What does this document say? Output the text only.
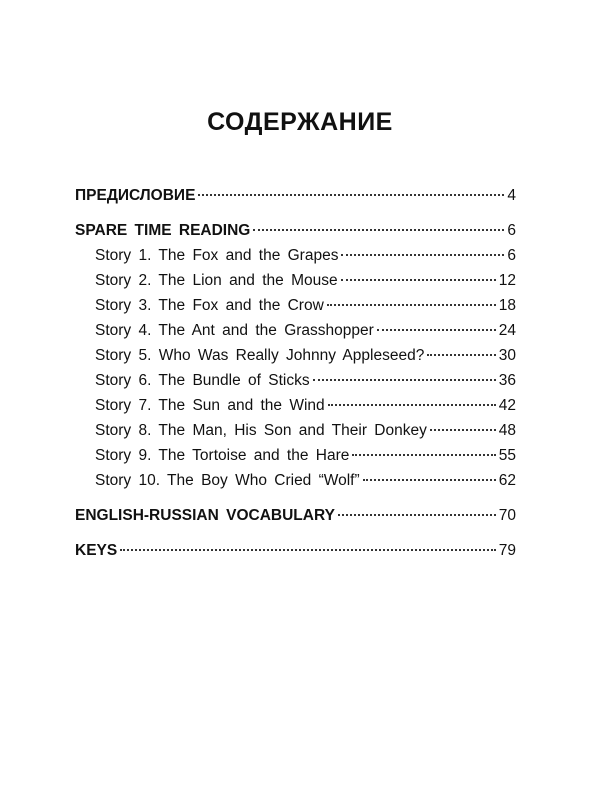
СОДЕРЖАНИЕ
ПРЕДИСЛОВИЕ	4
SPARE TIME READING	6
Story 1. The Fox and the Grapes	6
Story 2. The Lion and the Mouse	12
Story 3. The Fox and the Crow	18
Story 4. The Ant and the Grasshopper	24
Story 5. Who Was Really Johnny Appleseed?	30
Story 6. The Bundle of Sticks	36
Story 7. The Sun and the Wind	42
Story 8. The Man, His Son and Their Donkey	48
Story 9. The Tortoise and the Hare	55
Story 10. The Boy Who Cried “Wolf”	62
ENGLISH-RUSSIAN VOCABULARY	70
KEYS	79
